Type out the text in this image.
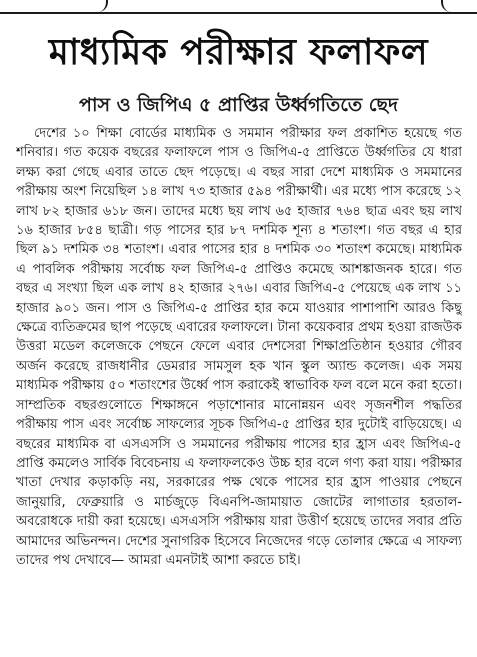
মাধ্যমিক পরীক্ষার ফলাফল
পাস ও জিপিএ ৫ প্রাপ্তির উর্ধ্বগতিতে ছেদ

দেশের ১০ শিক্ষা বোর্ডের মাধ্যমিক ও সমমান পরীক্ষার ফল প্রকাশিত হয়েছে গত শনিবার। গত কয়েক বছরের ফলাফলে পাস ও জিপিএ-৫ প্রাপ্তিতে উর্ধ্বগতির যে ধারা লক্ষ্য করা গেছে এবার তাতে ছেদ পড়েছে। এ বছর সারা দেশে মাধ্যমিক ও সমমানের পরীক্ষায় অংশ নিয়েছিল ১৪ লাখ ৭৩ হাজার ৫৯৪ পরীক্ষার্থী। এর মধ্যে পাস করেছে ১২ লাখ ৮২ হাজার ৬১৮ জন। তাদের মধ্যে ছয় লাখ ৬৫ হাজার ৭৬৪ ছাত্র এবং ছয় লাখ ১৬ হাজার ৮৫৪ ছাত্রী। গড় পাসের হার ৮৭ দশমিক শূন্য ৪ শতাংশ। গত বছর এ হার ছিল ৯১ দশমিক ৩৪ শতাংশ। এবার পাসের হার ৪ দশমিক ৩০ শতাংশ কমেছে। মাধ্যমিক এ পাবলিক পরীক্ষায় সর্বোচ্চ ফল জিপিএ-৫ প্রাপ্তিও কমেছে আশঙ্কাজনক হারে। গত বছর এ সংখ্যা ছিল এক লাখ ৪২ হাজার ২৭৬। এবার জিপিএ-৫ পেয়েছে এক লাখ ১১ হাজার ৯০১ জন। পাস ও জিপিএ-৫ প্রাপ্তির হার কমে যাওয়ার পাশাপাশি আরও কিছু ক্ষেত্রে ব্যতিক্রমের ছাপ পড়েছে এবারের ফলাফলে। টানা কয়েকবার প্রথম হওয়া রাজউক উত্তরা মডেল কলেজকে পেছনে ফেলে এবার দেশসেরা শিক্ষাপ্রতিষ্ঠান হওয়ার গৌরব অর্জন করেছে রাজধানীর ডেমরার সামসুল হক খান স্কুল অ্যান্ড কলেজ। এক সময় মাধ্যমিক পরীক্ষায় ৫০ শতাংশের উর্ধ্বে পাস করাকেই স্বাভাবিক ফল বলে মনে করা হতো। সাম্প্রতিক বছরগুলোতে শিক্ষাঙ্গনে পড়াশোনার মানোন্নয়ন এবং সৃজনশীল পদ্ধতির পরীক্ষায় পাস এবং সর্বোচ্চ সাফল্যের সূচক জিপিএ-৫ প্রাপ্তির হার দুটোই বাড়িয়েছে। এ বছরের মাধ্যমিক বা এসএসসি ও সমমানের পরীক্ষায় পাসের হার হ্রাস এবং জিপিএ-৫ প্রাপ্তি কমলেও সার্বিক বিবেচনায় এ ফলাফলকেও উচ্চ হার বলে গণ্য করা যায়। পরীক্ষার খাতা দেখার কড়াকড়ি নয়, সরকারের পক্ষ থেকে পাসের হার হ্রাস পাওয়ার পেছনে জানুয়ারি, ফেব্রুয়ারি ও মার্চজুড়ে বিএনপি-জামায়াত জোটের লাগাতার হরতাল-অবরোধকে দায়ী করা হয়েছে। এসএসসি পরীক্ষায় যারা উত্তীর্ণ হয়েছে তাদের সবার প্রতি আমাদের অভিনন্দন। দেশের সুনাগরিক হিসেবে নিজেদের গড়ে তোলার ক্ষেত্রে এ সাফল্য তাদের পথ দেখাবে— আমরা এমনটাই আশা করতে চাই।
